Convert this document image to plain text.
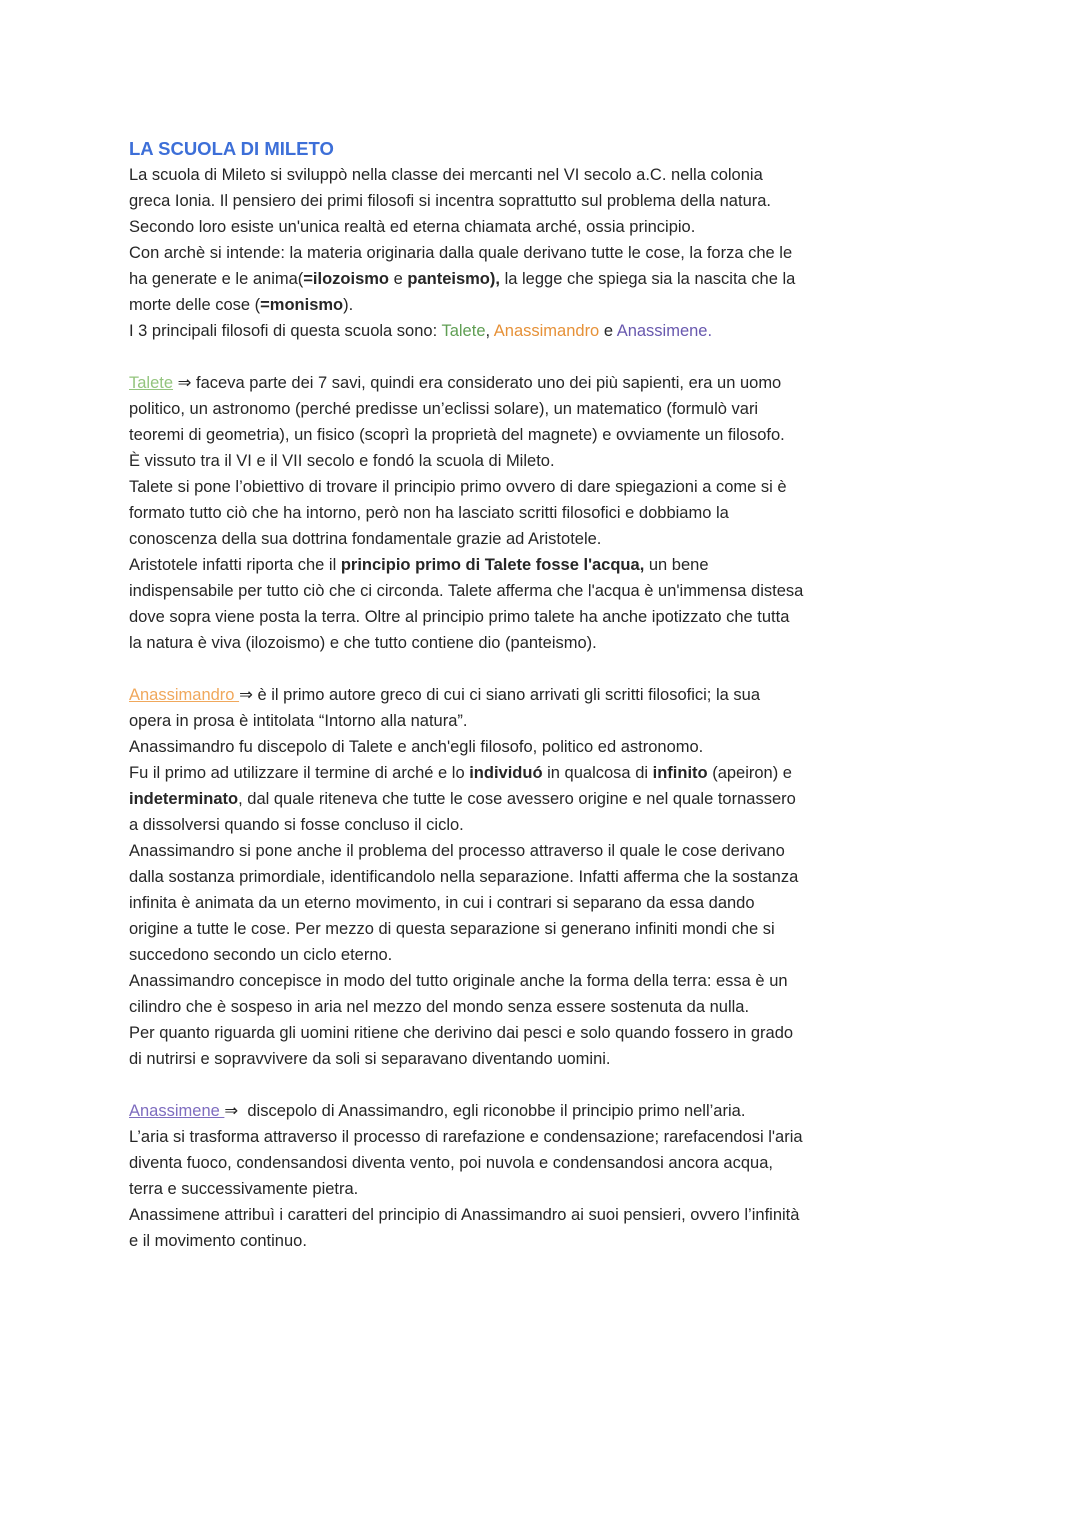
LA SCUOLA DI MILETO
La scuola di Mileto si sviluppò nella classe dei mercanti nel VI secolo a.C. nella colonia
greca Ionia. Il pensiero dei primi filosofi si incentra soprattutto sul problema della natura.
Secondo loro esiste un'unica realtà ed eterna chiamata arché, ossia principio.
Con archè si intende: la materia originaria dalla quale derivano tutte le cose, la forza che le
ha generate e le anima(=ilozoismo e panteismo), la legge che spiega sia la nascita che la
morte delle cose (=monismo).
I 3 principali filosofi di questa scuola sono: Talete, Anassimandro e Anassimene.

Talete ⇒ faceva parte dei 7 savi, quindi era considerato uno dei più sapienti, era un uomo
politico, un astronomo (perché predisse un’eclissi solare), un matematico (formulò vari
teoremi di geometria), un fisico (scoprì la proprietà del magnete) e ovviamente un filosofo.
È vissuto tra il VI e il VII secolo e fondó la scuola di Mileto.
Talete si pone l’obiettivo di trovare il principio primo ovvero di dare spiegazioni a come si è
formato tutto ciò che ha intorno, però non ha lasciato scritti filosofici e dobbiamo la
conoscenza della sua dottrina fondamentale grazie ad Aristotele.
Aristotele infatti riporta che il principio primo di Talete fosse l'acqua, un bene
indispensabile per tutto ciò che ci circonda. Talete afferma che l'acqua è un'immensa distesa
dove sopra viene posta la terra. Oltre al principio primo talete ha anche ipotizzato che tutta
la natura è viva (ilozoismo) e che tutto contiene dio (panteismo).

Anassimandro ⇒ è il primo autore greco di cui ci siano arrivati gli scritti filosofici; la sua
opera in prosa è intitolata “Intorno alla natura”.
Anassimandro fu discepolo di Talete e anch'egli filosofo, politico ed astronomo.
Fu il primo ad utilizzare il termine di arché e lo individuó in qualcosa di infinito (apeiron) e
indeterminato, dal quale riteneva che tutte le cose avessero origine e nel quale tornassero
a dissolversi quando si fosse concluso il ciclo.
Anassimandro si pone anche il problema del processo attraverso il quale le cose derivano
dalla sostanza primordiale, identificandolo nella separazione. Infatti afferma che la sostanza
infinita è animata da un eterno movimento, in cui i contrari si separano da essa dando
origine a tutte le cose. Per mezzo di questa separazione si generano infiniti mondi che si
succedono secondo un ciclo eterno.
Anassimandro concepisce in modo del tutto originale anche la forma della terra: essa è un
cilindro che è sospeso in aria nel mezzo del mondo senza essere sostenuta da nulla.
Per quanto riguarda gli uomini ritiene che derivino dai pesci e solo quando fossero in grado
di nutrirsi e sopravvivere da soli si separavano diventando uomini.

Anassimene ⇒  discepolo di Anassimandro, egli riconobbe il principio primo nell’aria.
L’aria si trasforma attraverso il processo di rarefazione e condensazione; rarefacendosi l'aria
diventa fuoco, condensandosi diventa vento, poi nuvola e condensandosi ancora acqua,
terra e successivamente pietra.
Anassimene attribuì i caratteri del principio di Anassimandro ai suoi pensieri, ovvero l’infinità
e il movimento continuo.
